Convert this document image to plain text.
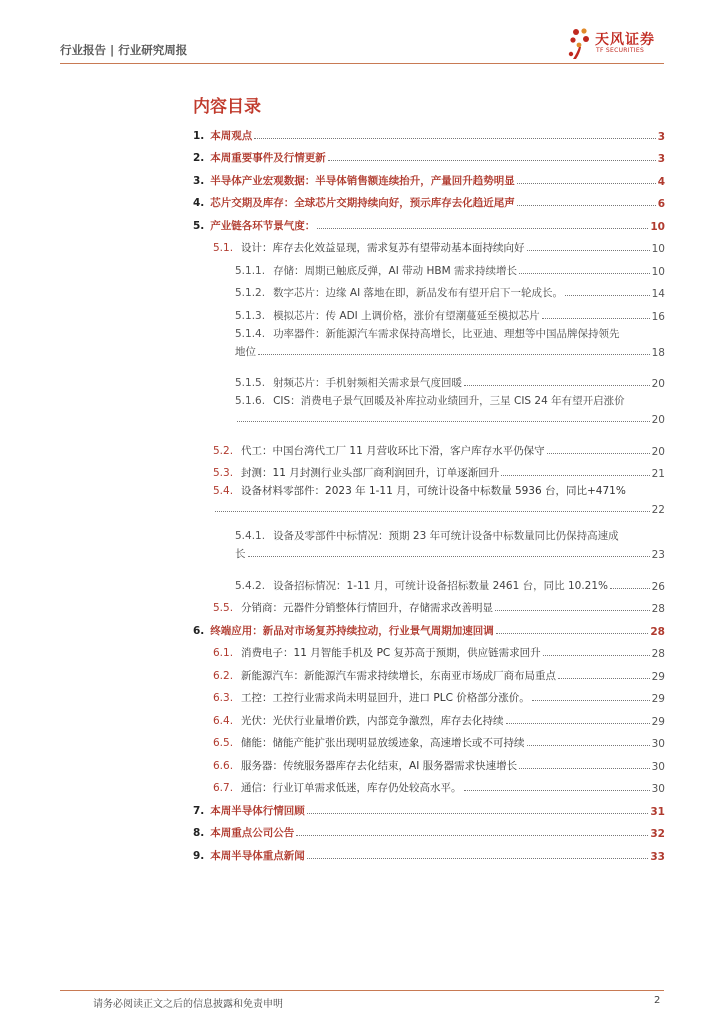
行业报告 | 行业研究周报
天风证券
TF SECURITIES
内容目录
1. 本周观点	3
2. 本周重要事件及行情更新	3
3. 半导体产业宏观数据：半导体销售额连续抬升，产量回升趋势明显	4
4. 芯片交期及库存：全球芯片交期持续向好，预示库存去化趋近尾声	6
5. 产业链各环节景气度：	10
5.1. 设计：库存去化效益显现，需求复苏有望带动基本面持续向好	10
5.1.1. 存储：周期已触底反弹，AI 带动 HBM 需求持续增长	10
5.1.2. 数字芯片：边缘 AI 落地在即，新品发布有望开启下一轮成长。	14
5.1.3. 模拟芯片：传 ADI 上调价格，涨价有望潮蔓延至模拟芯片	16
5.1.4. 功率器件：新能源汽车需求保持高增长，比亚迪、理想等中国品牌保持领先
地位	18
5.1.5. 射频芯片：手机射频相关需求景气度回暖	20
5.1.6. CIS：消费电子景气回暖及补库拉动业绩回升，三星 CIS 24 年有望开启涨价
20
5.2. 代工：中国台湾代工厂 11 月营收环比下滑，客户库存水平仍保守	20
5.3. 封测：11 月封测行业头部厂商利润回升，订单逐渐回升	21
5.4. 设备材料零部件：2023 年 1-11 月，可统计设备中标数量 5936 台，同比+471%
22
5.4.1. 设备及零部件中标情况：预期 23 年可统计设备中标数量同比仍保持高速成
长	23
5.4.2. 设备招标情况：1-11 月，可统计设备招标数量 2461 台，同比 10.21%	26
5.5. 分销商：元器件分销整体行情回升，存储需求改善明显	28
6. 终端应用：新品对市场复苏持续拉动，行业景气周期加速回调	28
6.1. 消费电子：11 月智能手机及 PC 复苏高于预期，供应链需求回升	28
6.2. 新能源汽车：新能源汽车需求持续增长，东南亚市场成厂商布局重点	29
6.3. 工控：工控行业需求尚未明显回升，进口 PLC 价格部分涨价。	29
6.4. 光伏：光伏行业量增价跌，内部竞争激烈，库存去化持续	29
6.5. 储能：储能产能扩张出现明显放缓迹象，高速增长或不可持续	30
6.6. 服务器：传统服务器库存去化结束，AI 服务器需求快速增长	30
6.7. 通信：行业订单需求低迷，库存仍处较高水平。	30
7. 本周半导体行情回顾	31
8. 本周重点公司公告	32
9. 本周半导体重点新闻	33
请务必阅读正文之后的信息披露和免责申明	2
